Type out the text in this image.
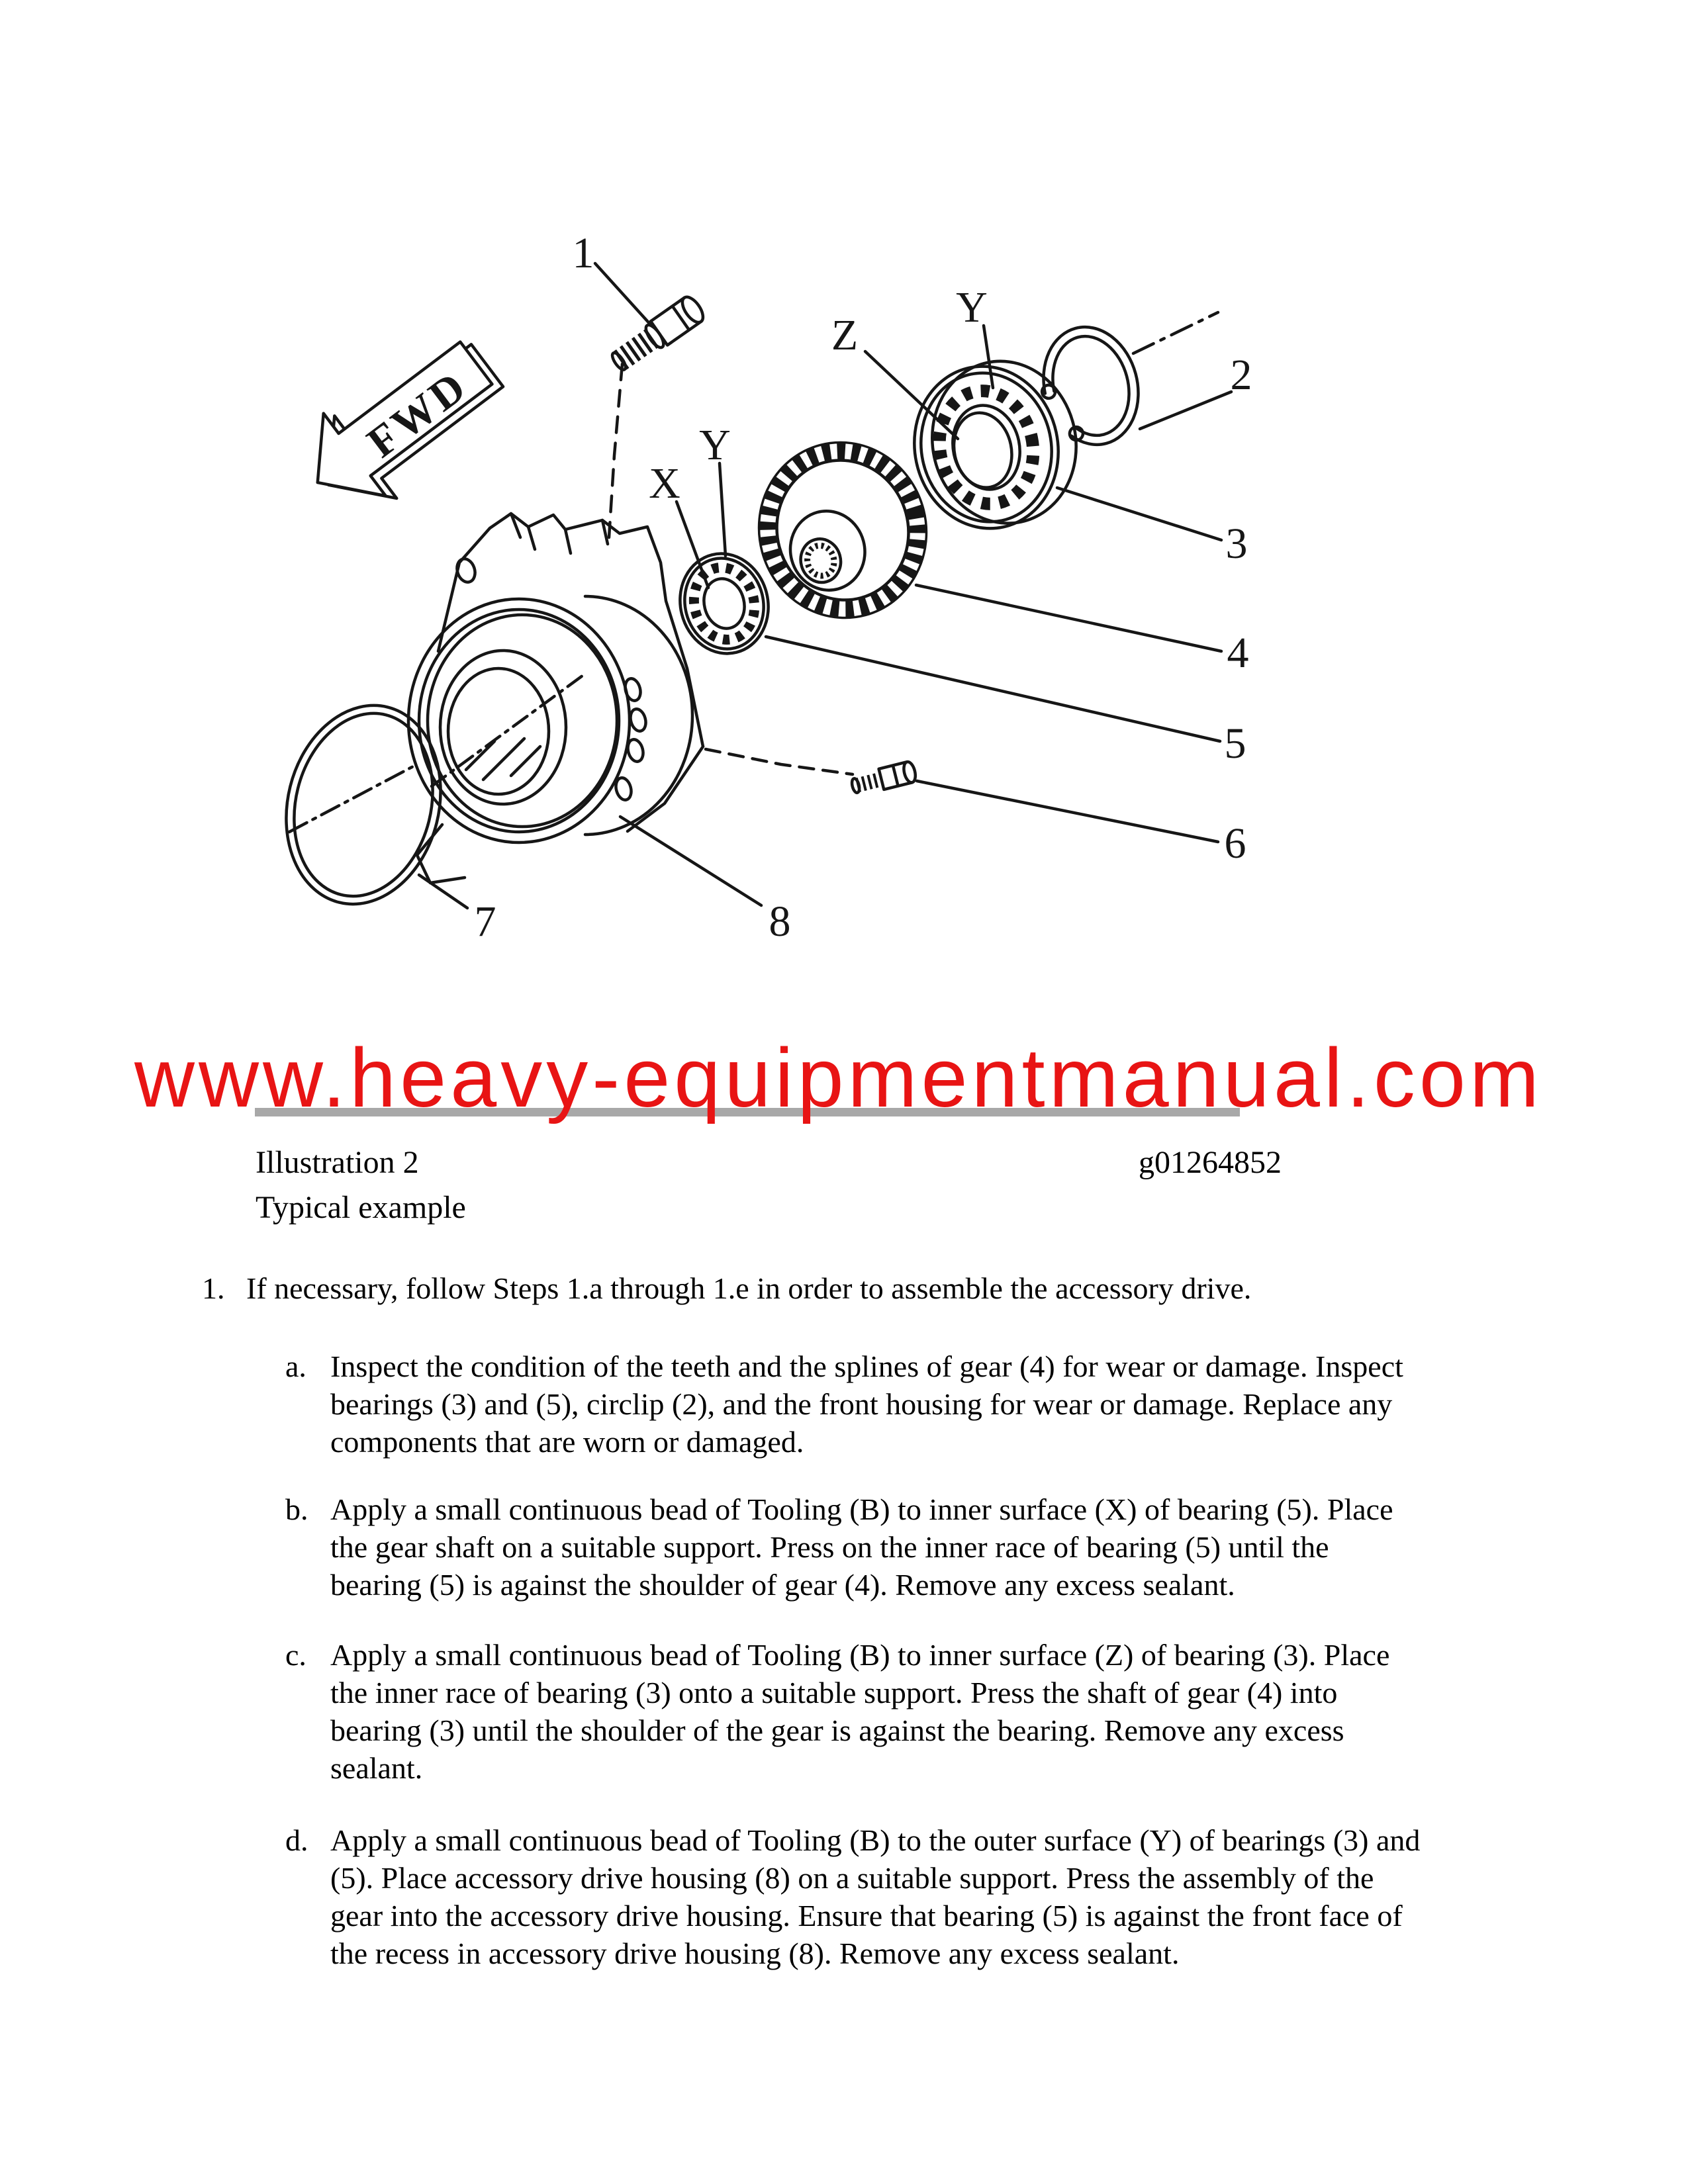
FWD
1
2
3
4
5
6
7	8
X
Y
Z
Y
www.heavy-equipmentmanual.com
Illustration 2	g01264852
Typical example
1. If necessary, follow Steps 1.a through 1.e in order to assemble the accessory drive.
a. Inspect the condition of the teeth and the splines of gear (4) for wear or damage. Inspect
bearings (3) and (5), circlip (2), and the front housing for wear or damage. Replace any
components that are worn or damaged.
b. Apply a small continuous bead of Tooling (B) to inner surface (X) of bearing (5). Place
the gear shaft on a suitable support. Press on the inner race of bearing (5) until the
bearing (5) is against the shoulder of gear (4). Remove any excess sealant.
c. Apply a small continuous bead of Tooling (B) to inner surface (Z) of bearing (3). Place
the inner race of bearing (3) onto a suitable support. Press the shaft of gear (4) into
bearing (3) until the shoulder of the gear is against the bearing. Remove any excess
sealant.
d. Apply a small continuous bead of Tooling (B) to the outer surface (Y) of bearings (3) and
(5). Place accessory drive housing (8) on a suitable support. Press the assembly of the
gear into the accessory drive housing. Ensure that bearing (5) is against the front face of
the recess in accessory drive housing (8). Remove any excess sealant.
